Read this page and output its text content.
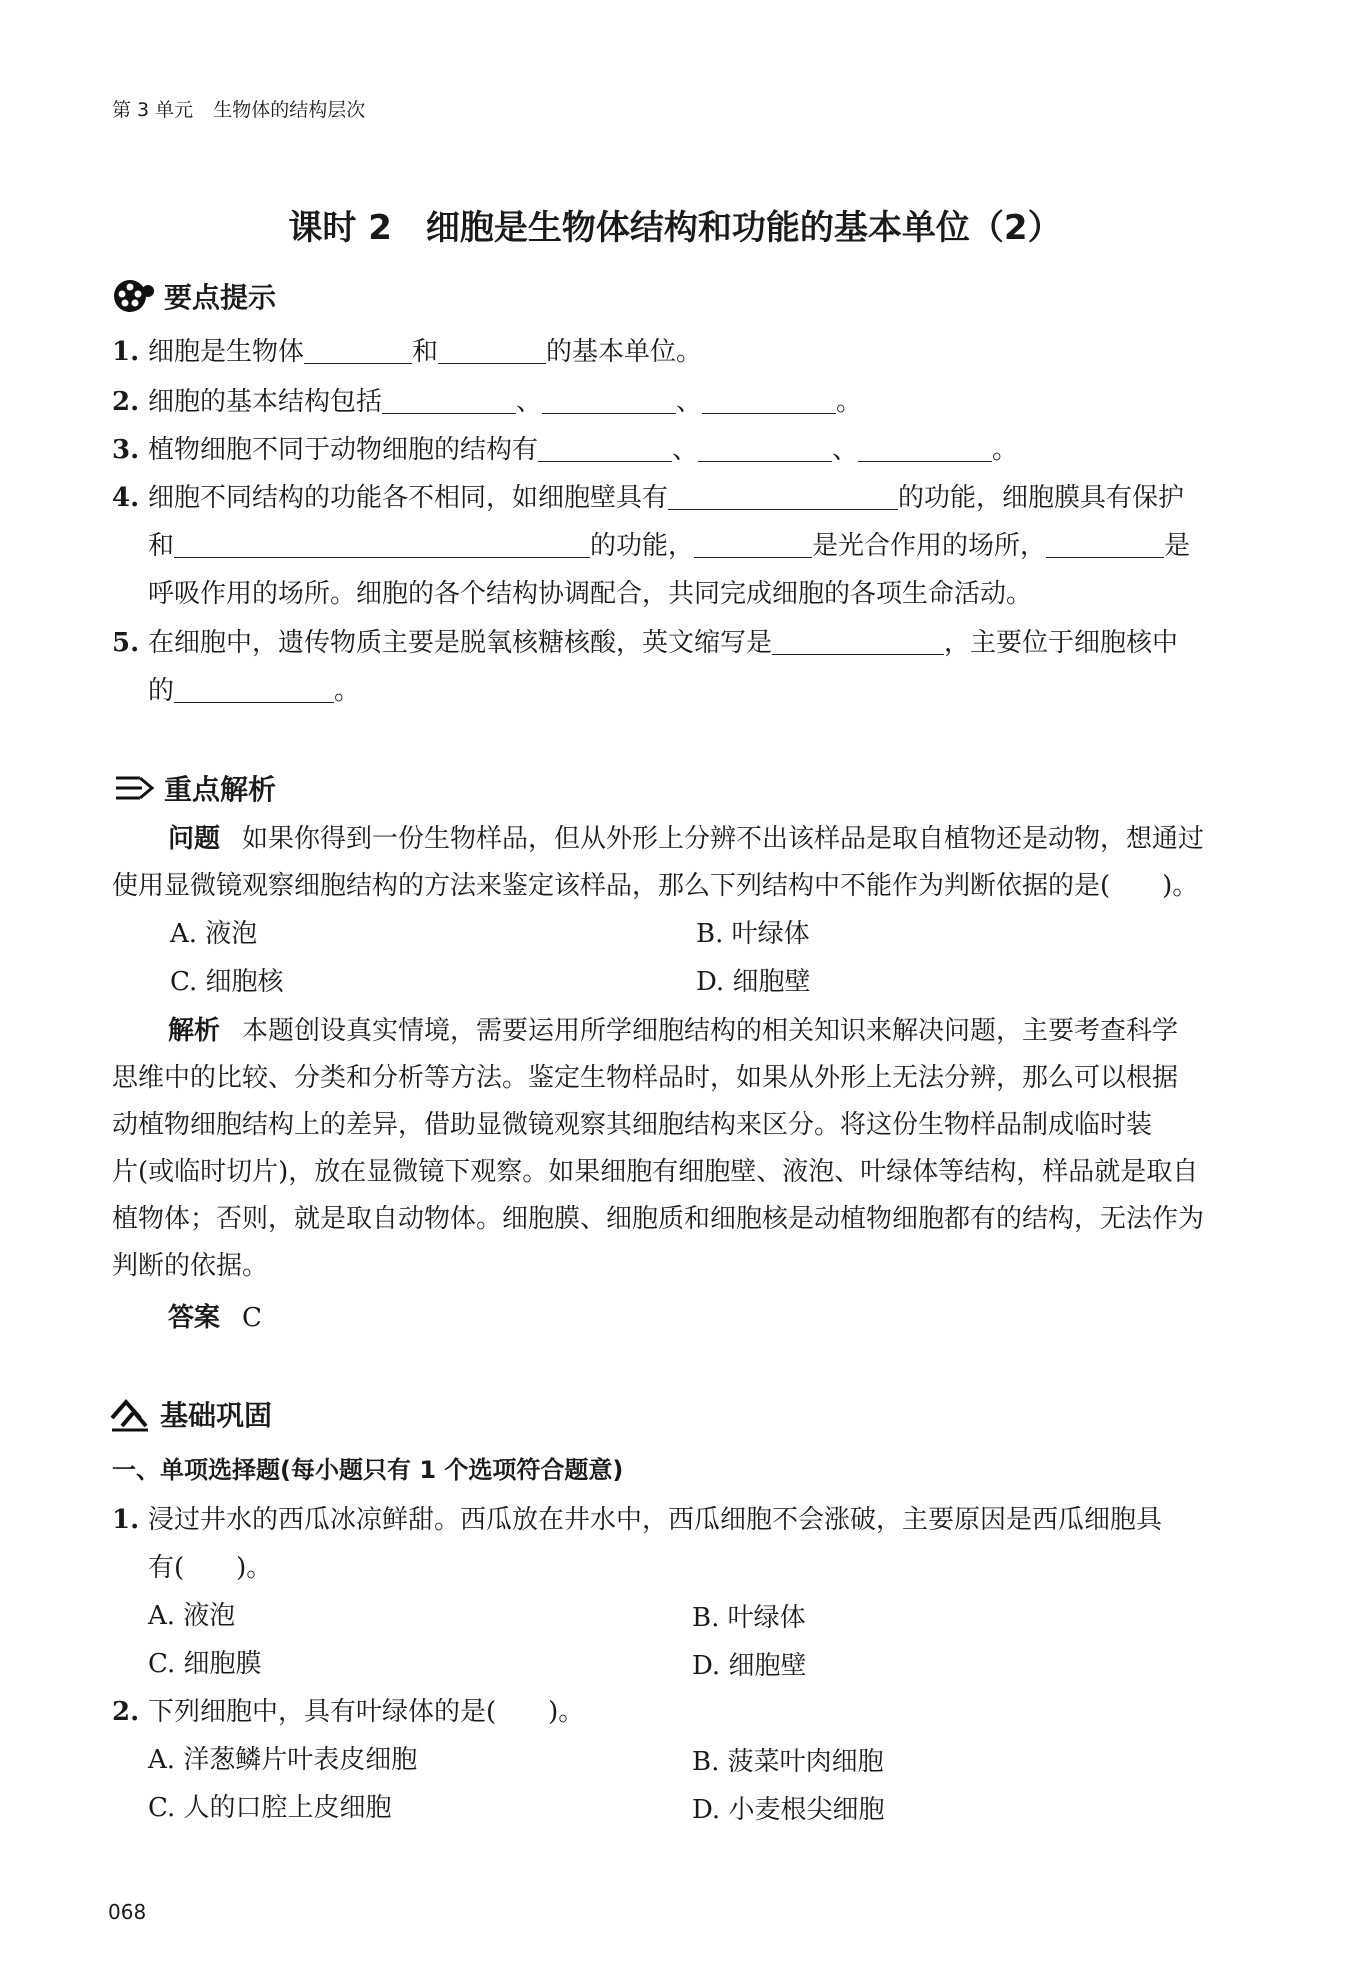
第 3 单元 生物体的结构层次
课时 2　细胞是生物体结构和功能的基本单位（2）
要点提示
1. 细胞是生物体	和	的基本单位。
2. 细胞的基本结构包括	、	、	。
3. 植物细胞不同于动物细胞的结构有	、	、	。
4. 细胞不同结构的功能各不相同，如细胞壁具有	的功能，细胞膜具有保护
和	的功能，	是光合作用的场所，	是
呼吸作用的场所。细胞的各个结构协调配合，共同完成细胞的各项生命活动。
5. 在细胞中，遗传物质主要是脱氧核糖核酸，英文缩写是	，主要位于细胞核中
的	。
重点解析
问题 如果你得到一份生物样品，但从外形上分辨不出该样品是取自植物还是动物，想通过
使用显微镜观察细胞结构的方法来鉴定该样品，那么下列结构中不能作为判断依据的是(　　)。
A. 液泡	B. 叶绿体
C. 细胞核	D. 细胞壁
解析 本题创设真实情境，需要运用所学细胞结构的相关知识来解决问题，主要考查科学
思维中的比较、分类和分析等方法。鉴定生物样品时，如果从外形上无法分辨，那么可以根据
动植物细胞结构上的差异，借助显微镜观察其细胞结构来区分。将这份生物样品制成临时装
片(或临时切片)，放在显微镜下观察。如果细胞有细胞壁、液泡、叶绿体等结构，样品就是取自
植物体；否则，就是取自动物体。细胞膜、细胞质和细胞核是动植物细胞都有的结构，无法作为
判断的依据。
答案 C
基础巩固
一、单项选择题(每小题只有 1 个选项符合题意)
1. 浸过井水的西瓜冰凉鲜甜。西瓜放在井水中，西瓜细胞不会涨破，主要原因是西瓜细胞具
有(　　)。
A. 液泡	B. 叶绿体
C. 细胞膜	D. 细胞壁
2. 下列细胞中，具有叶绿体的是(　　)。
A. 洋葱鳞片叶表皮细胞	B. 菠菜叶肉细胞
C. 人的口腔上皮细胞	D. 小麦根尖细胞
068
